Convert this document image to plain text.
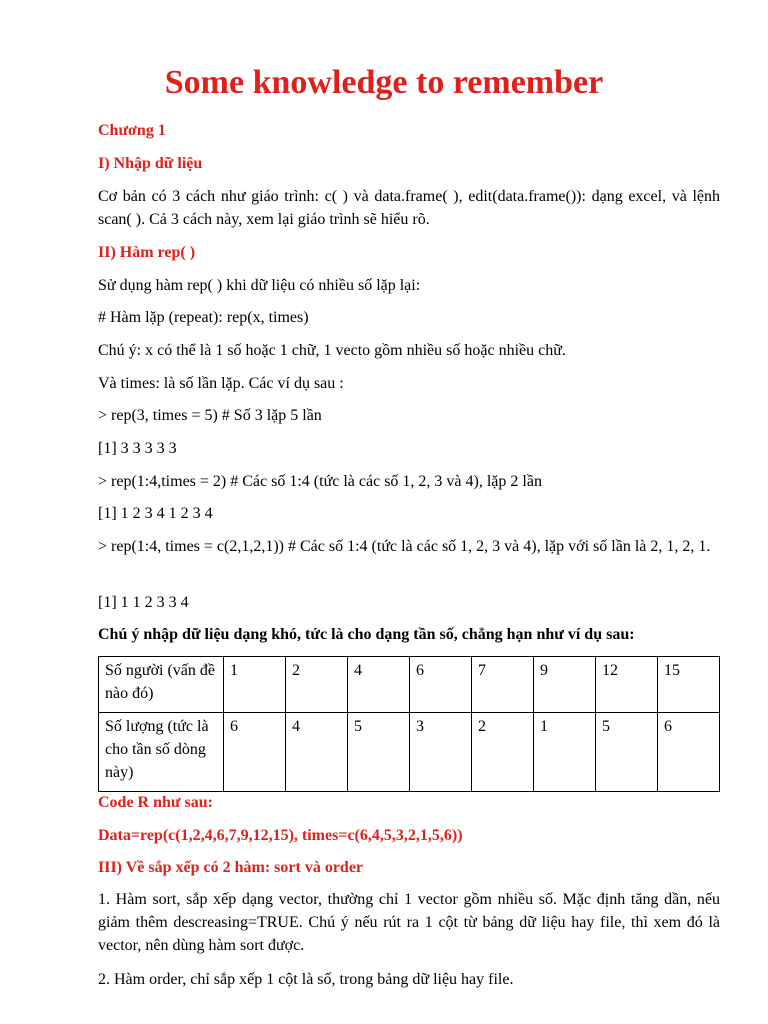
Some knowledge to remember
Chương 1
I) Nhập dữ liệu
Cơ bản có 3 cách như giáo trình: c( ) và data.frame( ), edit(data.frame()): dạng excel, và lệnh scan( ). Cả 3 cách này, xem lại giáo trình sẽ hiểu rõ.
II) Hàm rep( )
Sử dụng hàm rep( ) khi dữ liệu có nhiều số lặp lại:
# Hàm lặp (repeat): rep(x, times)
Chú ý: x có thể là 1 số hoặc 1 chữ, 1 vecto gồm nhiều số hoặc nhiều chữ.
Và times: là số lần lặp. Các ví dụ sau :
> rep(3, times = 5) # Số 3 lặp 5 lần
[1] 3 3 3 3 3
> rep(1:4,times = 2) # Các số 1:4 (tức là các số 1, 2, 3 và 4), lặp 2 lần
[1] 1 2 3 4 1 2 3 4
> rep(1:4, times = c(2,1,2,1)) # Các số 1:4 (tức là các số 1, 2, 3 và 4), lặp với số lần là 2, 1, 2, 1.
[1] 1 1 2 3 3 4
Chú ý nhập dữ liệu dạng khó, tức là cho dạng tần số, chẳng hạn như ví dụ sau:
Số người (vấn đề nào đó)	1	2	4	6	7	9	12	15
Số lượng (tức là cho tần số dòng này)	6	4	5	3	2	1	5	6
Code R như sau:
Data=rep(c(1,2,4,6,7,9,12,15), times=c(6,4,5,3,2,1,5,6))
III) Về sắp xếp có 2 hàm: sort và order
1. Hàm sort, sắp xếp dạng vector, thường chỉ 1 vector gồm nhiều số. Mặc định tăng dần, nếu giảm thêm descreasing=TRUE. Chú ý nếu rút ra 1 cột từ bảng dữ liệu hay file, thì xem đó là vector, nên dùng hàm sort được.
2. Hàm order, chỉ sắp xếp 1 cột là số, trong bảng dữ liệu hay file.
